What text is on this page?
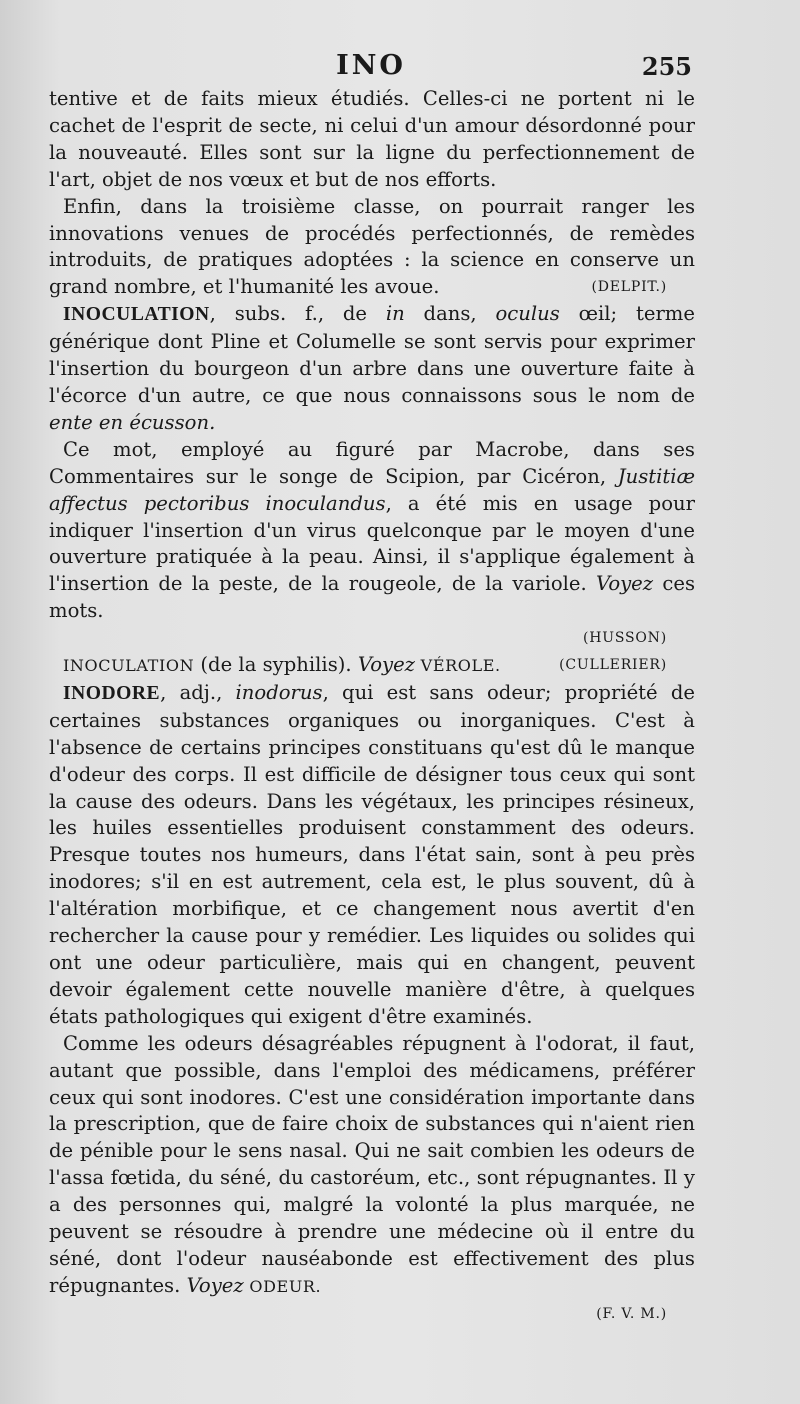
INO	255

tentive et de faits mieux étudiés. Celles-ci ne portent ni le cachet de l'esprit de secte, ni celui d'un amour désordonné pour la nouveauté. Elles sont sur la ligne du perfectionnement de l'art, objet de nos vœux et but de nos efforts.

Enfin, dans la troisième classe, on pourrait ranger les innovations venues de procédés perfectionnés, de remèdes introduits, de pratiques adoptées : la science en conserve un grand nombre, et l'humanité les avoue.	(DELPIT.)

INOCULATION, subs. f., de in dans, oculus œil; terme générique dont Pline et Columelle se sont servis pour exprimer l'insertion du bourgeon d'un arbre dans une ouverture faite à l'écorce d'un autre, ce que nous connaissons sous le nom de ente en écusson.

Ce mot, employé au figuré par Macrobe, dans ses Commentaires sur le songe de Scipion, par Cicéron, Justitiæ affectus pectoribus inoculandus, a été mis en usage pour indiquer l'insertion d'un virus quelconque par le moyen d'une ouverture pratiquée à la peau. Ainsi, il s'applique également à l'insertion de la peste, de la rougeole, de la variole. Voyez ces mots.

(HUSSON)

INOCULATION (de la syphilis). Voyez VÉROLE.	(CULLERIER)

INODORE, adj., inodorus, qui est sans odeur; propriété de certaines substances organiques ou inorganiques. C'est à l'absence de certains principes constituans qu'est dû le manque d'odeur des corps. Il est difficile de désigner tous ceux qui sont la cause des odeurs. Dans les végétaux, les principes résineux, les huiles essentielles produisent constamment des odeurs. Presque toutes nos humeurs, dans l'état sain, sont à peu près inodores; s'il en est autrement, cela est, le plus souvent, dû à l'altération morbifique, et ce changement nous avertit d'en rechercher la cause pour y remédier. Les liquides ou solides qui ont une odeur particulière, mais qui en changent, peuvent devoir également cette nouvelle manière d'être, à quelques états pathologiques qui exigent d'être examinés.

Comme les odeurs désagréables répugnent à l'odorat, il faut, autant que possible, dans l'emploi des médicamens, préférer ceux qui sont inodores. C'est une considération importante dans la prescription, que de faire choix de substances qui n'aient rien de pénible pour le sens nasal. Qui ne sait combien les odeurs de l'assa fœtida, du séné, du castoréum, etc., sont répugnantes. Il y a des personnes qui, malgré la volonté la plus marquée, ne peuvent se résoudre à prendre une médecine où il entre du séné, dont l'odeur nauséabonde est effectivement des plus répugnantes. Voyez ODEUR.

(F. V. M.)
